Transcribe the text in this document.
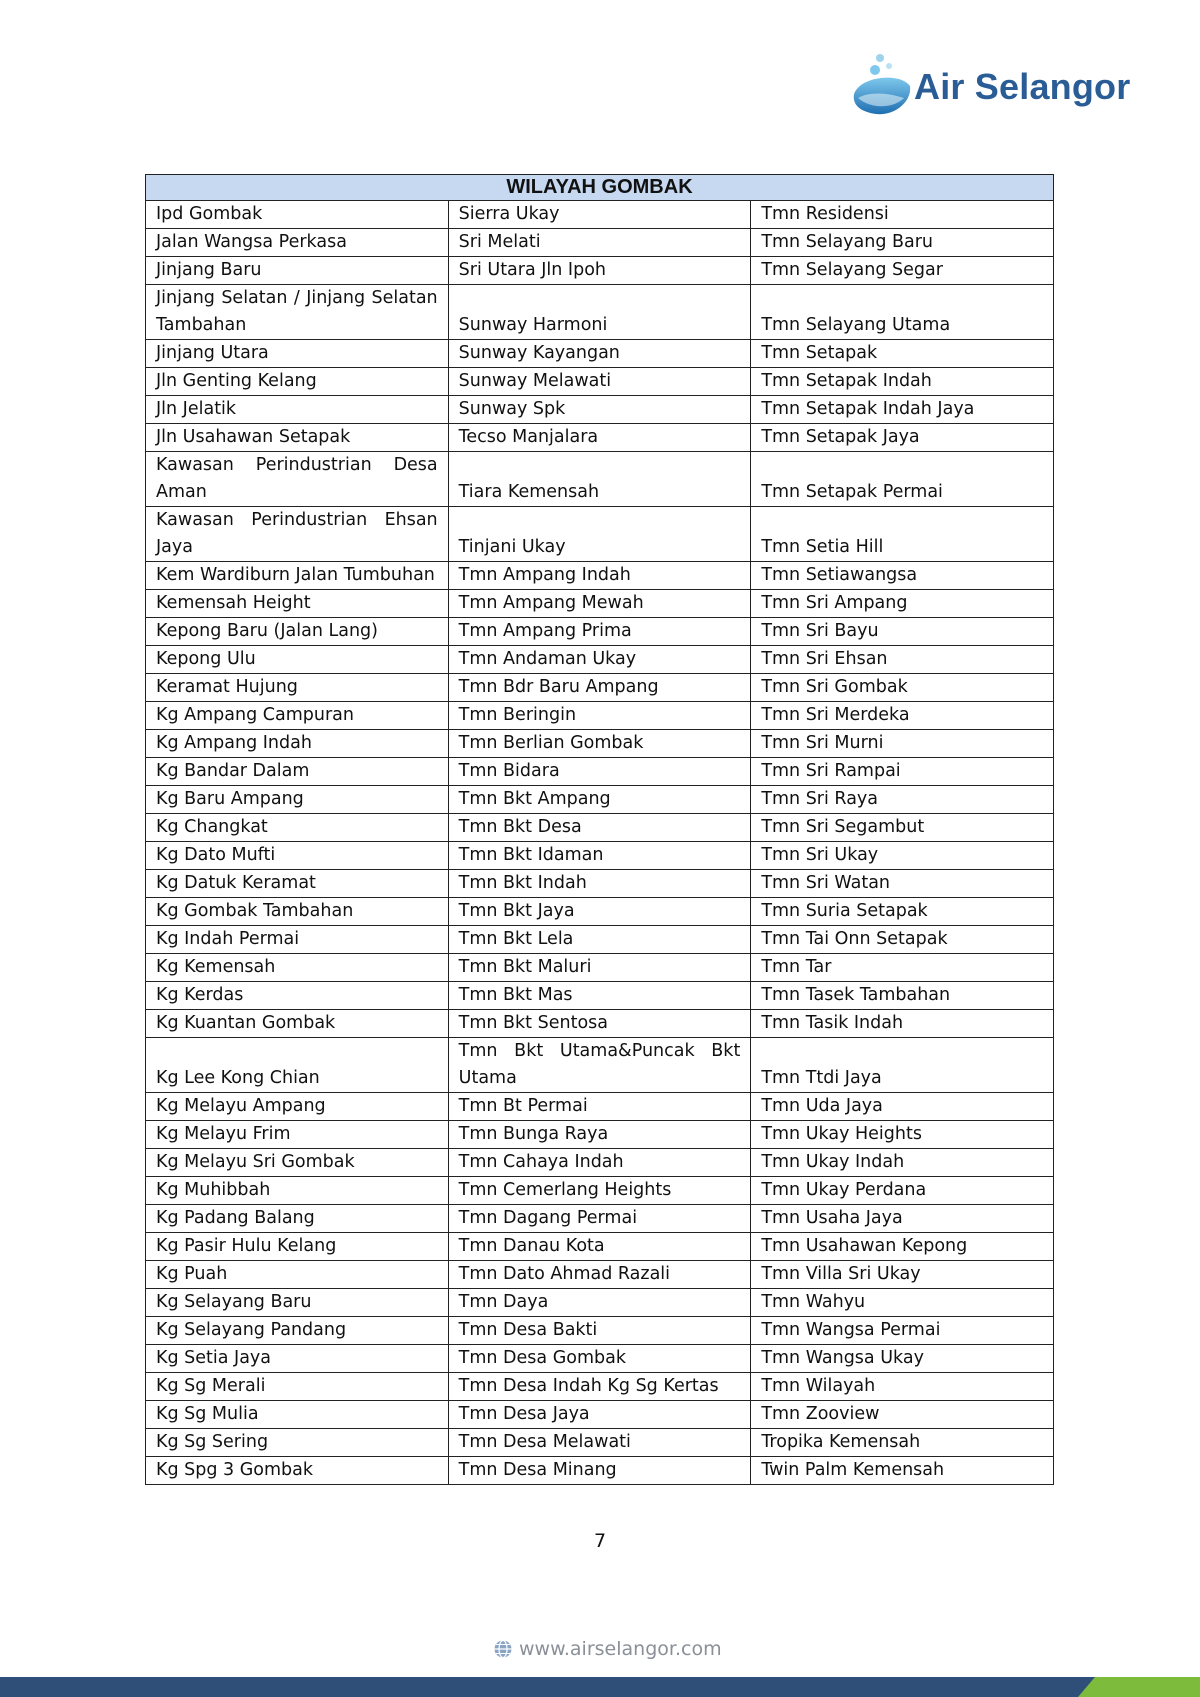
Air Selangor
WILAYAH GOMBAK		
Ipd Gombak	Sierra Ukay	Tmn Residensi
Jalan Wangsa Perkasa	Sri Melati	Tmn Selayang Baru
Jinjang Baru	Sri Utara Jln Ipoh	Tmn Selayang Segar
Jinjang Selatan / Jinjang Selatan Tambahan	Sunway Harmoni	Tmn Selayang Utama
Jinjang Utara	Sunway Kayangan	Tmn Setapak
Jln Genting Kelang	Sunway Melawati	Tmn Setapak Indah
Jln Jelatik	Sunway Spk	Tmn Setapak Indah Jaya
Jln Usahawan Setapak	Tecso Manjalara	Tmn Setapak Jaya
Kawasan Perindustrian Desa Aman	Tiara Kemensah	Tmn Setapak Permai
Kawasan Perindustrian Ehsan Jaya	Tinjani Ukay	Tmn Setia Hill
Kem Wardiburn Jalan Tumbuhan	Tmn Ampang Indah	Tmn Setiawangsa
Kemensah Height	Tmn Ampang Mewah	Tmn Sri Ampang
Kepong Baru (Jalan Lang)	Tmn Ampang Prima	Tmn Sri Bayu
Kepong Ulu	Tmn Andaman Ukay	Tmn Sri Ehsan
Keramat Hujung	Tmn Bdr Baru Ampang	Tmn Sri Gombak
Kg Ampang Campuran	Tmn Beringin	Tmn Sri Merdeka
Kg Ampang Indah	Tmn Berlian Gombak	Tmn Sri Murni
Kg Bandar Dalam	Tmn Bidara	Tmn Sri Rampai
Kg Baru Ampang	Tmn Bkt Ampang	Tmn Sri Raya
Kg Changkat	Tmn Bkt Desa	Tmn Sri Segambut
Kg Dato Mufti	Tmn Bkt Idaman	Tmn Sri Ukay
Kg Datuk Keramat	Tmn Bkt Indah	Tmn Sri Watan
Kg Gombak Tambahan	Tmn Bkt Jaya	Tmn Suria Setapak
Kg Indah Permai	Tmn Bkt Lela	Tmn Tai Onn Setapak
Kg Kemensah	Tmn Bkt Maluri	Tmn Tar
Kg Kerdas	Tmn Bkt Mas	Tmn Tasek Tambahan
Kg Kuantan Gombak	Tmn Bkt Sentosa	Tmn Tasik Indah
Kg Lee Kong Chian	Tmn Bkt Utama&Puncak Bkt Utama	Tmn Ttdi Jaya
Kg Melayu Ampang	Tmn Bt Permai	Tmn Uda Jaya
Kg Melayu Frim	Tmn Bunga Raya	Tmn Ukay Heights
Kg Melayu Sri Gombak	Tmn Cahaya Indah	Tmn Ukay Indah
Kg Muhibbah	Tmn Cemerlang Heights	Tmn Ukay Perdana
Kg Padang Balang	Tmn Dagang Permai	Tmn Usaha Jaya
Kg Pasir Hulu Kelang	Tmn Danau Kota	Tmn Usahawan Kepong
Kg Puah	Tmn Dato Ahmad Razali	Tmn Villa Sri Ukay
Kg Selayang Baru	Tmn Daya	Tmn Wahyu
Kg Selayang Pandang	Tmn Desa Bakti	Tmn Wangsa Permai
Kg Setia Jaya	Tmn Desa Gombak	Tmn Wangsa Ukay
Kg Sg Merali	Tmn Desa Indah Kg Sg Kertas	Tmn Wilayah
Kg Sg Mulia	Tmn Desa Jaya	Tmn Zooview
Kg Sg Sering	Tmn Desa Melawati	Tropika Kemensah
Kg Spg 3 Gombak	Tmn Desa Minang	Twin Palm Kemensah
7
www.airselangor.com
